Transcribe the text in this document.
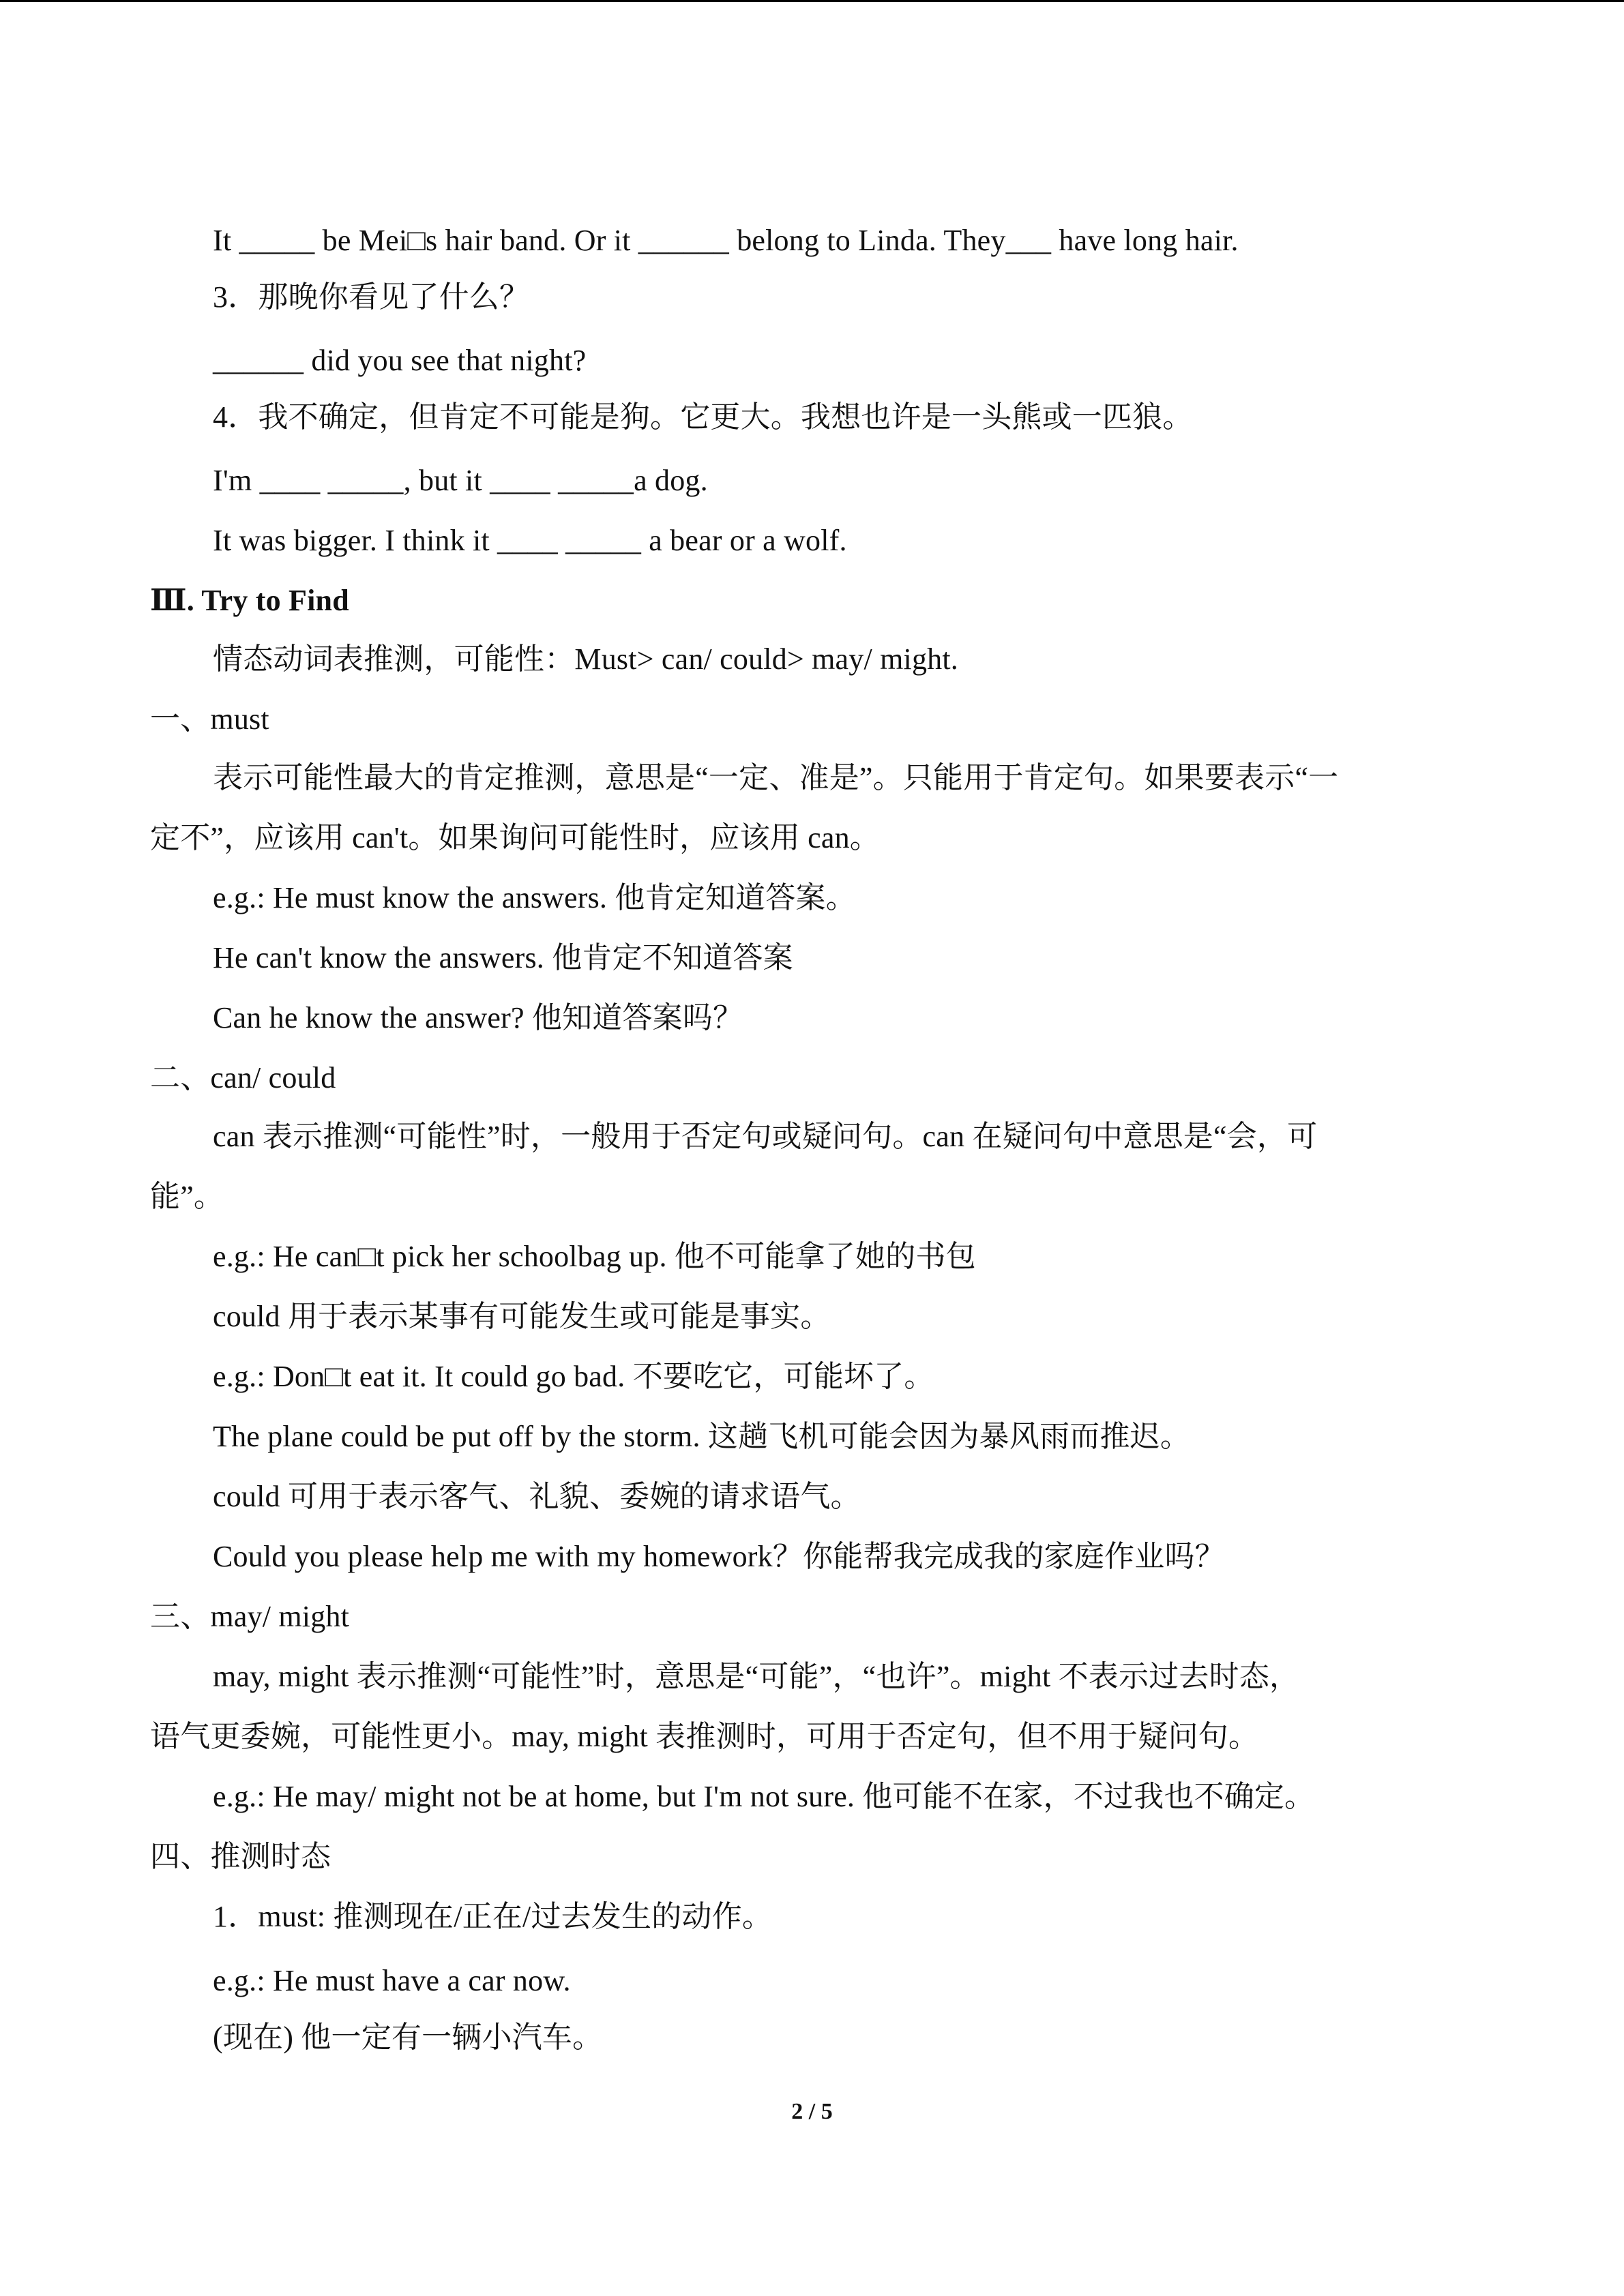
It _____ be Mei□s hair band. Or it ______ belong to Linda. They___ have long hair.
3．那晚你看见了什么？
______ did you see that night?
4．我不确定，但肯定不可能是狗。它更大。我想也许是一头熊或一匹狼。
I'm ____ _____, but it ____ _____a dog.
It was bigger. I think it ____ _____ a bear or a wolf.
Ⅲ. Try to Find
情态动词表推测，可能性：Must> can/ could> may/ might.
一、must
表示可能性最大的肯定推测，意思是“一定、准是”。只能用于肯定句。如果要表示“一
定不”，应该用 can't。如果询问可能性时，应该用 can。
e.g.: He must know the answers. 他肯定知道答案。
He can't know the answers. 他肯定不知道答案
Can he know the answer? 他知道答案吗？
二、can/ could
can 表示推测“可能性”时，一般用于否定句或疑问句。can 在疑问句中意思是“会，可
能”。
e.g.: He can□t pick her schoolbag up. 他不可能拿了她的书包
could 用于表示某事有可能发生或可能是事实。
e.g.: Don□t eat it. It could go bad. 不要吃它，可能坏了。
The plane could be put off by the storm. 这趟飞机可能会因为暴风雨而推迟。
could 可用于表示客气、礼貌、委婉的请求语气。
Could you please help me with my homework？你能帮我完成我的家庭作业吗？
三、may/ might
may, might 表示推测“可能性”时，意思是“可能”，“也许”。might 不表示过去时态，
语气更委婉，可能性更小。may, might 表推测时，可用于否定句，但不用于疑问句。
e.g.: He may/ might not be at home, but I'm not sure. 他可能不在家，不过我也不确定。
四、推测时态
1．must: 推测现在/正在/过去发生的动作。
e.g.: He must have a car now.
(现在) 他一定有一辆小汽车。
2 / 5
